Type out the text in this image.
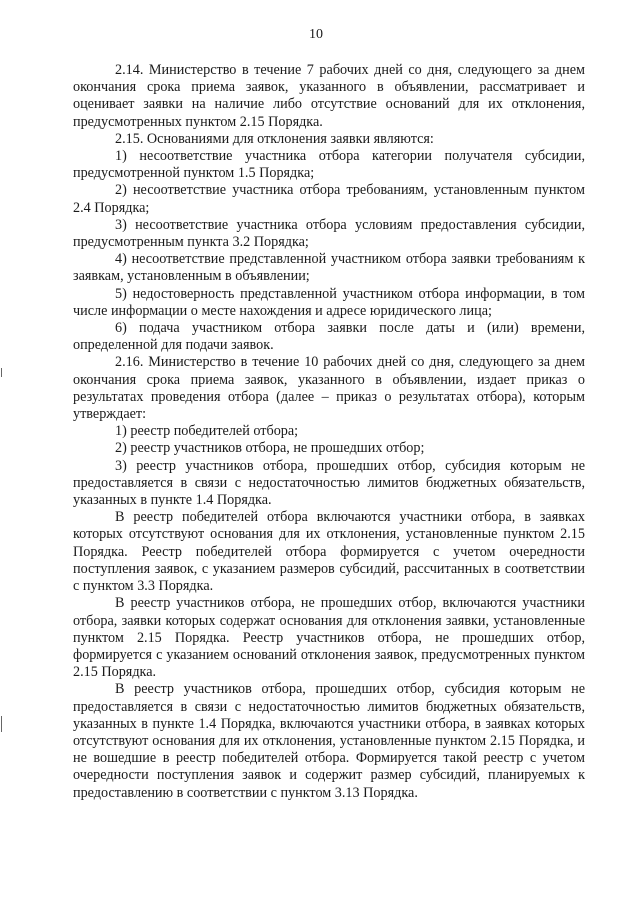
10

2.14. Министерство в течение 7 рабочих дней со дня, следующего за днем окончания срока приема заявок, указанного в объявлении, рассматривает и оценивает заявки на наличие либо отсутствие оснований для их отклонения, предусмотренных пунктом 2.15 Порядка.

2.15. Основаниями для отклонения заявки являются:

1) несоответствие участника отбора категории получателя субсидии, предусмотренной пунктом 1.5 Порядка;

2) несоответствие участника отбора требованиям, установленным пунктом 2.4 Порядка;

3) несоответствие участника отбора условиям предоставления субсидии, предусмотренным пункта 3.2 Порядка;

4) несоответствие представленной участником отбора заявки требованиям к заявкам, установленным в объявлении;

5) недостоверность представленной участником отбора информации, в том числе информации о месте нахождения и адресе юридического лица;

6) подача участником отбора заявки после даты и (или) времени, определенной для подачи заявок.

2.16. Министерство в течение 10 рабочих дней со дня, следующего за днем окончания срока приема заявок, указанного в объявлении, издает приказ о результатах проведения отбора (далее – приказ о результатах отбора), которым утверждает:

1) реестр победителей отбора;

2) реестр участников отбора, не прошедших отбор;

3) реестр участников отбора, прошедших отбор, субсидия которым не предоставляется в связи с недостаточностью лимитов бюджетных обязательств, указанных в пункте 1.4 Порядка.

В реестр победителей отбора включаются участники отбора, в заявках которых отсутствуют основания для их отклонения, установленные пунктом 2.15 Порядка. Реестр победителей отбора формируется с учетом очередности поступления заявок, с указанием размеров субсидий, рассчитанных в соответствии с пунктом 3.3 Порядка.

В реестр участников отбора, не прошедших отбор, включаются участники отбора, заявки которых содержат основания для отклонения заявки, установленные пунктом 2.15 Порядка. Реестр участников отбора, не прошедших отбор, формируется с указанием оснований отклонения заявок, предусмотренных пунктом 2.15 Порядка.

В реестр участников отбора, прошедших отбор, субсидия которым не предоставляется в связи с недостаточностью лимитов бюджетных обязательств, указанных в пункте 1.4 Порядка, включаются участники отбора, в заявках которых отсутствуют основания для их отклонения, установленные пунктом 2.15 Порядка, и не вошедшие в реестр победителей отбора. Формируется такой реестр с учетом очередности поступления заявок и содержит размер субсидий, планируемых к предоставлению в соответствии с пунктом 3.13 Порядка.
